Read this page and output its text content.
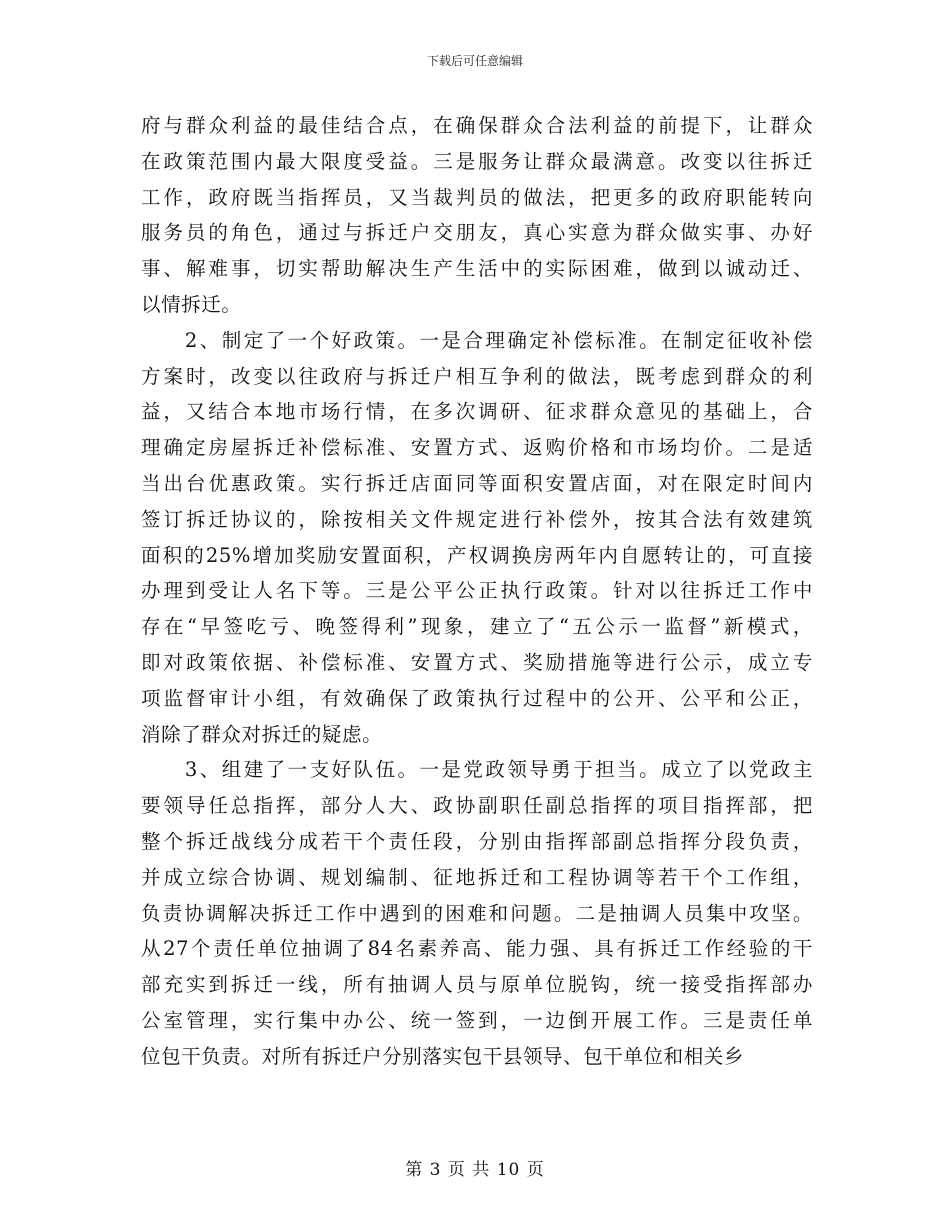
下载后可任意编辑

府与群众利益的最佳结合点，在确保群众合法利益的前提下，让群众
在政策范围内最大限度受益。三是服务让群众最满意。改变以往拆迁
工作，政府既当指挥员，又当裁判员的做法，把更多的政府职能转向
服务员的角色，通过与拆迁户交朋友，真心实意为群众做实事、办好
事、解难事，切实帮助解决生产生活中的实际困难，做到以诚动迁、
以情拆迁。

　　2、制定了一个好政策。一是合理确定补偿标准。在制定征收补偿
方案时，改变以往政府与拆迁户相互争利的做法，既考虑到群众的利
益，又结合本地市场行情，在多次调研、征求群众意见的基础上，合
理确定房屋拆迁补偿标准、安置方式、返购价格和市场均价。二是适
当出台优惠政策。实行拆迁店面同等面积安置店面，对在限定时间内
签订拆迁协议的，除按相关文件规定进行补偿外，按其合法有效建筑
面积的25%增加奖励安置面积，产权调换房两年内自愿转让的，可直接
办理到受让人名下等。三是公平公正执行政策。针对以往拆迁工作中
存在“早签吃亏、晚签得利”现象，建立了“五公示一监督”新模式，
即对政策依据、补偿标准、安置方式、奖励措施等进行公示，成立专
项监督审计小组，有效确保了政策执行过程中的公开、公平和公正，
消除了群众对拆迁的疑虑。

　　3、组建了一支好队伍。一是党政领导勇于担当。成立了以党政主
要领导任总指挥，部分人大、政协副职任副总指挥的项目指挥部，把
整个拆迁战线分成若干个责任段，分别由指挥部副总指挥分段负责，
并成立综合协调、规划编制、征地拆迁和工程协调等若干个工作组，
负责协调解决拆迁工作中遇到的困难和问题。二是抽调人员集中攻坚。
从27个责任单位抽调了84名素养高、能力强、具有拆迁工作经验的干
部充实到拆迁一线，所有抽调人员与原单位脱钩，统一接受指挥部办
公室管理，实行集中办公、统一签到，一边倒开展工作。三是责任单
位包干负责。对所有拆迁户分别落实包干县领导、包干单位和相关乡

第 3 页 共 10 页
